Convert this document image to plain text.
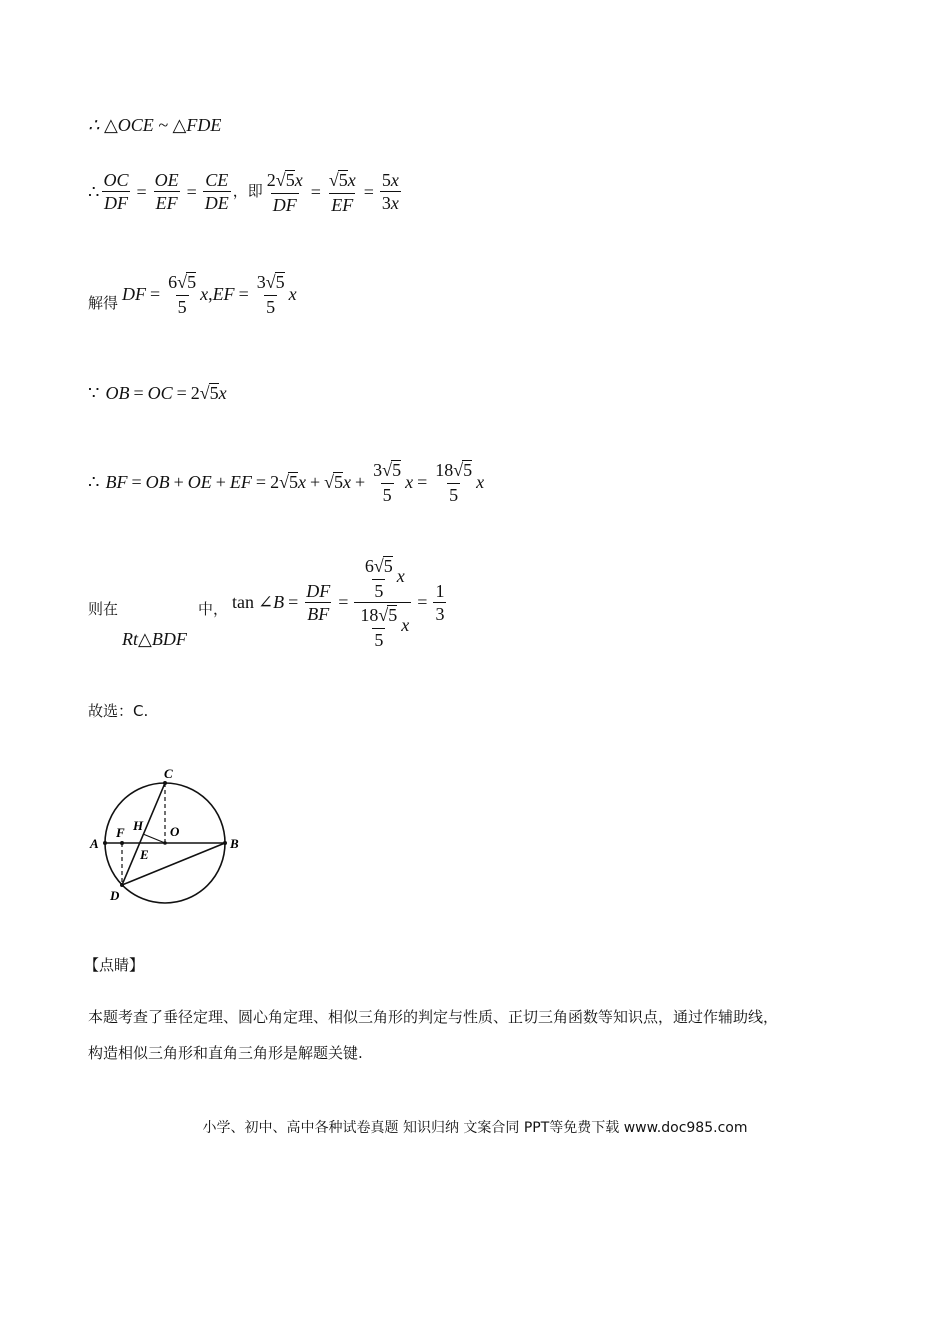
∴ △OCE ~ △FDE
∴ $\frac{OC}{DF} = \frac{OE}{EF} = \frac{CE}{DE}$ ，即 $\frac{2√5x}{DF} = \frac{√5x}{EF} = \frac{5x}{3x}$
解得 DF = $\frac{6√5}{5}$ x , EF = $\frac{3√5}{5}$ x
∵ OB = OC = 2√ 5 x
∴ BF = OB + OE + EF = 2√ 5 x + √ 5 $x + \frac{3√5}{5}$ $x = \frac{18√5}{5}$ x
则在	中，
Rt△BDF
tan ∠ $B = \frac{DF}{BF} = \frac{\frac{6√5}{5} x}{\frac{18√5}{5} x} = \frac{1}{3}$
故选：C.
A	B
C
D
E
F H O
【点睛】
本题考查了垂径定理、圆心角定理、相似三角形的判定与性质、正切三角函数等知识点，通过作辅助线，
构造相似三角形和直角三角形是解题关键.
小学、初中、高中各种试卷真题 知识归纳 文案合同 PPT等免费下载 www.doc985.com
